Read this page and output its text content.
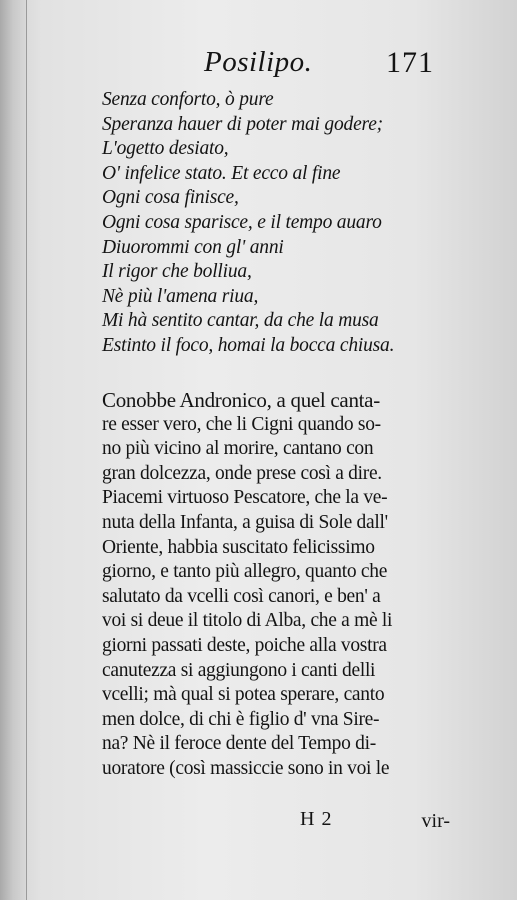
Posilipo. 171
Senza conforto, ò pure
Speranza hauer di poter mai godere;
L'ogetto desiato,
O' infelice stato. Et ecco al fine
Ogni cosa finisce,
Ogni cosa sparisce, e il tempo auaro
Diuorommi con gl' anni
Il rigor che bolliua,
Nè più l'amena riua,
Mi hà sentito cantar, da che la musa
Estinto il foco, homai la bocca chiusa.
Conobbe Andronico, a quel canta-
re esser vero, che li Cigni quando so-
no più vicino al morire, cantano con
gran dolcezza, onde prese così a dire.
Piacemi virtuoso Pescatore, che la ve-
nuta della Infanta, a guisa di Sole dall'
Oriente, habbia suscitato felicissimo
giorno, e tanto più allegro, quanto che
salutato da vcelli così canori, e ben' a
voi si deue il titolo di Alba, che a mè li
giorni passati deste, poiche alla vostra
canutezza si aggiungono i canti delli
vcelli; mà qual si potea sperare, canto
men dolce, di chi è figlio d' vna Sire-
na? Nè il feroce dente del Tempo di-
uoratore (così massiccie sono in voi le
H 2	vir-
